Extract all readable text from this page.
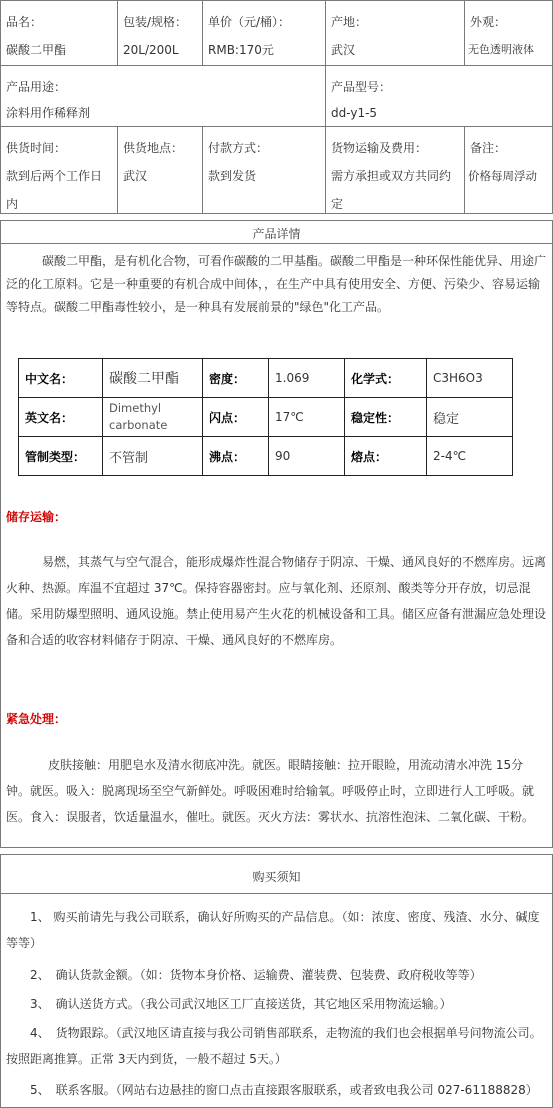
品名：
碳酸二甲酯
包装/规格：
20L/200L
单价（元/桶）：
RMB:170元
产地：
武汉
外观：
无色透明液体
产品用途：
涂料用作稀释剂
产品型号：
dd-y1-5
供货时间：
款到后两个工作日内
供货地点：
武汉
付款方式：
款到发货
货物运输及费用：
需方承担或双方共同约定
备注：
价格每周浮动
产品详情
碳酸二甲酯，是有机化合物，可看作碳酸的二甲基酯。碳酸二甲酯是一种环保性能优异、用途广泛的化工原料。它是一种重要的有机合成中间体，，在生产中具有使用安全、方便、污染少、容易运输等特点。碳酸二甲酯毒性较小，是一种具有发展前景的"绿色"化工产品。
中文名：	碳酸二甲酯	密度：	1.069	化学式：	C3H6O3
英文名：	Dimethyl carbonate	闪点：	17℃	稳定性：	稳定
管制类型：	不管制	沸点：	90	熔点：	2-4℃
储存运输：
易燃，其蒸气与空气混合，能形成爆炸性混合物储存于阴凉、干燥、通风良好的不燃库房。远离火种、热源。库温不宜超过 37℃。保持容器密封。应与氧化剂、还原剂、酸类等分开存放，切忌混储。采用防爆型照明、通风设施。禁止使用易产生火花的机械设备和工具。储区应备有泄漏应急处理设备和合适的收容材料储存于阴凉、干燥、通风良好的不燃库房。
紧急处理：
皮肤接触：用肥皂水及清水彻底冲洗。就医。眼睛接触：拉开眼睑，用流动清水冲洗 15分钟。就医。吸入：脱离现场至空气新鲜处。呼吸困难时给输氧。呼吸停止时，立即进行人工呼吸。就医。食入：误服者，饮适量温水，催吐。就医。灭火方法：雾状水、抗溶性泡沫、二氧化碳、干粉。
购买须知
1、 购买前请先与我公司联系，确认好所购买的产品信息。（如：浓度、密度、残渣、水分、碱度等等）
2、　确认货款金额。（如：货物本身价格、运输费、灌装费、包装费、政府税收等等）
3、　确认送货方式。（我公司武汉地区工厂直接送货，其它地区采用物流运输。）
4、　货物跟踪。（武汉地区请直接与我公司销售部联系，走物流的我们也会根据单号问物流公司。按照距离推算。正常 3天内到货，一般不超过 5天。）
5、　联系客服。（网站右边悬挂的窗口点击直接跟客服联系，或者致电我公司 027-61188828）
